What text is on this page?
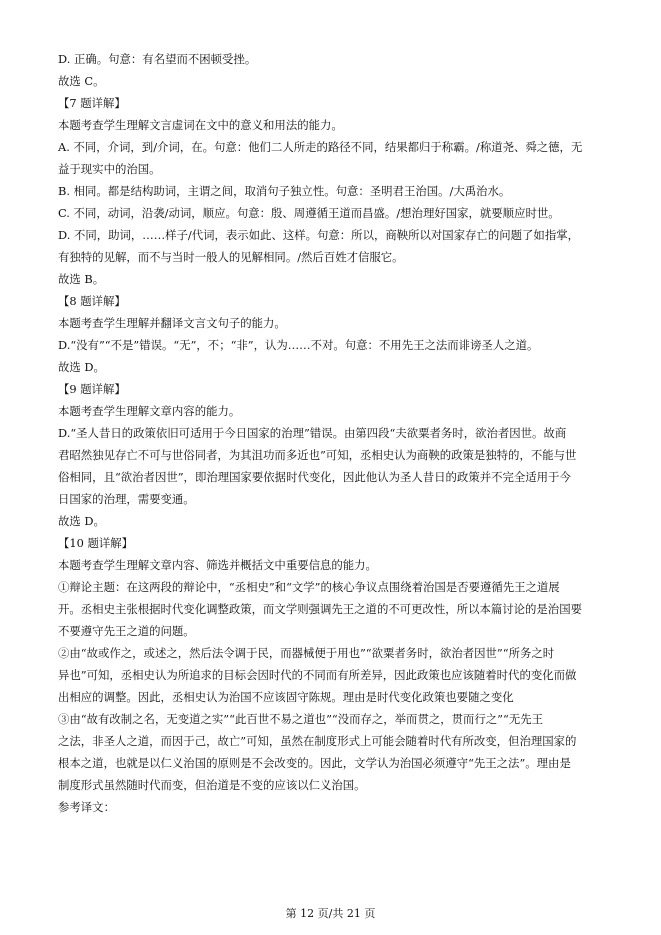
D. 正确。句意：有名望而不困顿受挫。
故选 C。
【7 题详解】
本题考查学生理解文言虚词在文中的意义和用法的能力。
A. 不同，介词，到/介词，在。句意：他们二人所走的路径不同，结果都归于称霸。/称道尧、舜之德，无
益于现实中的治国。
B. 相同。都是结构助词，主谓之间，取消句子独立性。句意：圣明君王治国。/大禹治水。
C. 不同，动词，沿袭/动词，顺应。句意：殷、周遵循王道而昌盛。/想治理好国家，就要顺应时世。
D. 不同，助词，……样子/代词，表示如此、这样。句意：所以，商鞅所以对国家存亡的问题了如指掌，
有独特的见解，而不与当时一般人的见解相同。/然后百姓才信服它。
故选 B。
【8 题详解】
本题考查学生理解并翻译文言文句子的能力。
D.“没有”“不是”错误。“无”，不；“非”，认为……不对。句意：不用先王之法而诽谤圣人之道。
故选 D。
【9 题详解】
本题考查学生理解文章内容的能力。
D.“圣人昔日的政策依旧可适用于今日国家的治理”错误。由第四段“夫欲粟者务时，欲治者因世。故商
君昭然独见存亡不可与世俗同者，为其沮功而多近也”可知，丞相史认为商鞅的政策是独特的，不能与世
俗相同，且“欲治者因世”，即治理国家要依据时代变化，因此他认为圣人昔日的政策并不完全适用于今
日国家的治理，需要变通。
故选 D。
【10 题详解】
本题考查学生理解文章内容、筛选并概括文中重要信息的能力。
①辩论主题：在这两段的辩论中，“丞相史”和“文学”的核心争议点围绕着治国是否要遵循先王之道展
开。丞相史主张根据时代变化调整政策，而文学则强调先王之道的不可更改性，所以本篇讨论的是治国要
不要遵守先王之道的问题。
②由“故或作之，或述之，然后法令调于民，而器械便于用也”“欲粟者务时，欲治者因世”“所务之时
异也”可知，丞相史认为所追求的目标会因时代的不同而有所差异，因此政策也应该随着时代的变化而做
出相应的调整。因此，丞相史认为治国不应该固守陈规。理由是时代变化政策也要随之变化
③由“故有改制之名，无变道之实”“此百世不易之道也”“没而存之，举而贯之，贯而行之”“无先王
之法，非圣人之道，而因于己，故亡”可知，虽然在制度形式上可能会随着时代有所改变，但治理国家的
根本之道，也就是以仁义治国的原则是不会改变的。因此，文学认为治国必须遵守“先王之法”。理由是
制度形式虽然随时代而变，但治道是不变的应该以仁义治国。
参考译文：
第 12 页/共 21 页
